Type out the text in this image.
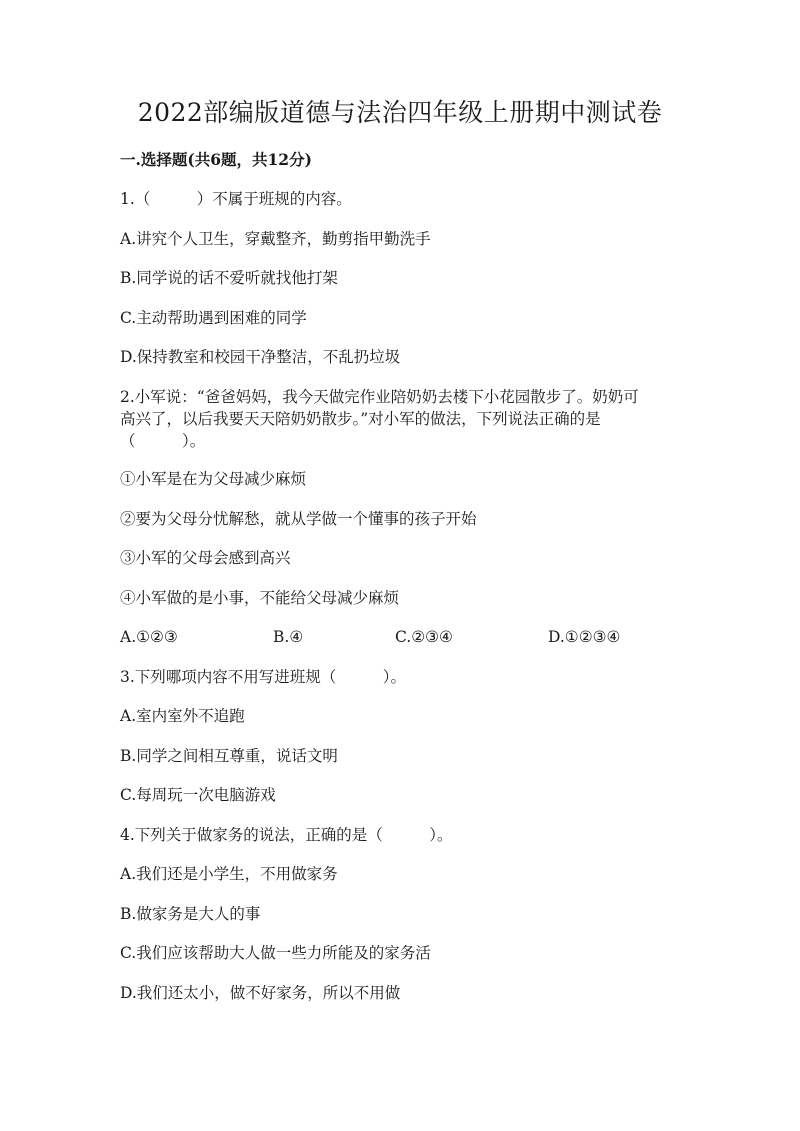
2022部编版道德与法治四年级上册期中测试卷
一.选择题(共6题，共12分)
1.（　　　）不属于班规的内容。
A.讲究个人卫生，穿戴整齐，勤剪指甲勤洗手
B.同学说的话不爱听就找他打架
C.主动帮助遇到困难的同学
D.保持教室和校园干净整洁，不乱扔垃圾
2.小军说：“爸爸妈妈，我今天做完作业陪奶奶去楼下小花园散步了。奶奶可
高兴了，以后我要天天陪奶奶散步。”对小军的做法，下列说法正确的是
（　　　）。
①小军是在为父母减少麻烦
②要为父母分忧解愁，就从学做一个懂事的孩子开始
③小军的父母会感到高兴
④小军做的是小事，不能给父母减少麻烦
A.①②③	B.④	C.②③④	D.①②③④
3.下列哪项内容不用写进班规（　　　）。
A.室内室外不追跑
B.同学之间相互尊重，说话文明
C.每周玩一次电脑游戏
4.下列关于做家务的说法，正确的是（　　　）。
A.我们还是小学生，不用做家务
B.做家务是大人的事
C.我们应该帮助大人做一些力所能及的家务活
D.我们还太小，做不好家务，所以不用做
